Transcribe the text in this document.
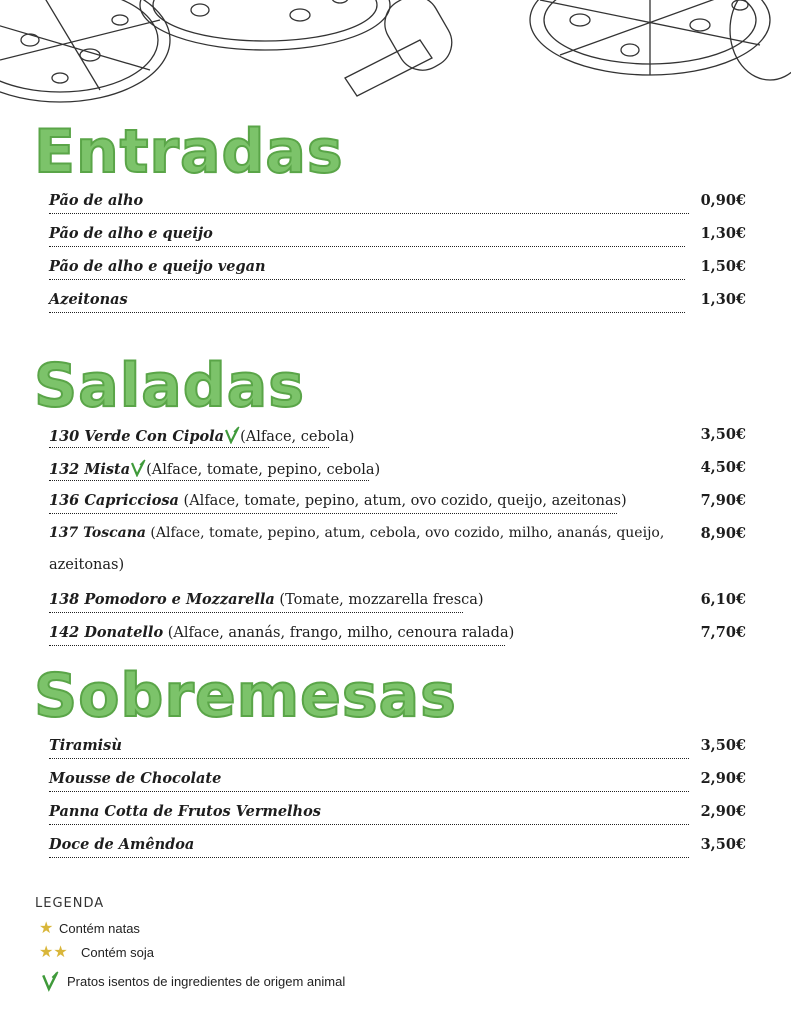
Entradas
Pão de alho	0,90€
Pão de alho e queijo	1,30€
Pão de alho e queijo vegan	1,50€
Azeitonas	1,30€
Saladas
130 Verde Con Cipola (Alface, cebola)	3,50€
132 Mista (Alface, tomate, pepino, cebola)	4,50€
136 Capricciosa (Alface, tomate, pepino, atum, ovo cozido, queijo, azeitonas)	7,90€
137 Toscana (Alface, tomate, pepino, atum, cebola, ovo cozido, milho, ananás, queijo,	8,90€
azeitonas)
138 Pomodoro e Mozzarella (Tomate, mozzarella fresca)	6,10€
142 Donatello (Alface, ananás, frango, milho, cenoura ralada)	7,70€
Sobremesas
Tiramisù	3,50€
Mousse de Chocolate	2,90€
Panna Cotta de Frutos Vermelhos	2,90€
Doce de Amêndoa	3,50€
LEGENDA
★ Contém natas
★★ Contém soja
Pratos isentos de ingredientes de origem animal
